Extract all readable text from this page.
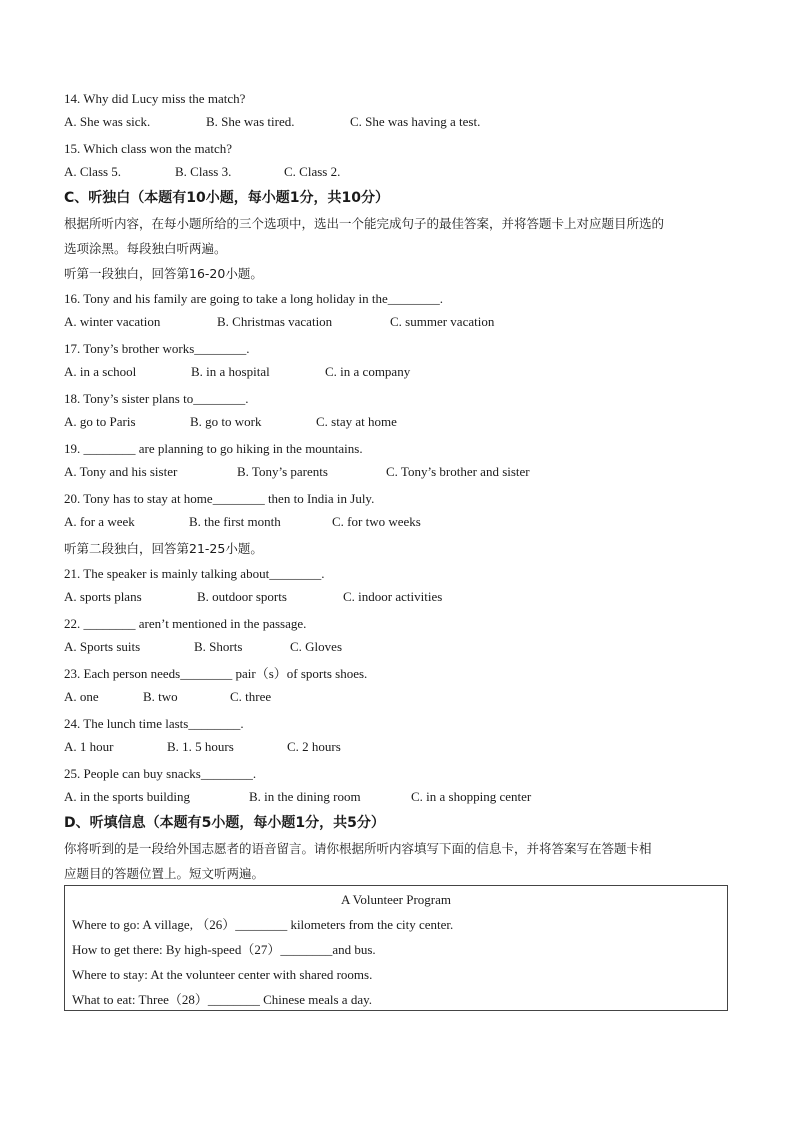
14. Why did Lucy miss the match?
A. She was sick.	B. She was tired.	C. She was having a test.
15. Which class won the match?
A. Class 5.	B. Class 3.	C. Class 2.
C、听独白（本题有10小题，每小题1分，共10分）
根据所听内容，在每小题所给的三个选项中，选出一个能完成句子的最佳答案，并将答题卡上对应题目所选的
选项涂黑。每段独白听两遍。
听第一段独白，回答第16-20小题。
16. Tony and his family are going to take a long holiday in the________.
A. winter vacation	B. Christmas vacation	C. summer vacation
17. Tony’s brother works________.
A. in a school	B. in a hospital	C. in a company
18. Tony’s sister plans to________.
A. go to Paris	B. go to work	C. stay at home
19. ________ are planning to go hiking in the mountains.
A. Tony and his sister	B. Tony’s parents	C. Tony’s brother and sister
20. Tony has to stay at home________ then to India in July.
A. for a week	B. the first month	C. for two weeks
听第二段独白，回答第21-25小题。
21. The speaker is mainly talking about________.
A. sports plans	B. outdoor sports	C. indoor activities
22. ________ aren’t mentioned in the passage.
A. Sports suits	B. Shorts	C. Gloves
23. Each person needs________ pair（s）of sports shoes.
A. one	B. two	C. three
24. The lunch time lasts________.
A. 1 hour	B. 1. 5 hours	C. 2 hours
25. People can buy snacks________.
A. in the sports building	B. in the dining room	C. in a shopping center
D、听填信息（本题有5小题，每小题1分，共5分）
你将听到的是一段给外国志愿者的语音留言。请你根据所听内容填写下面的信息卡，并将答案写在答题卡相
应题目的答题位置上。短文听两遍。
A Volunteer Program
Where to go: A village, （26）________ kilometers from the city center.
How to get there: By high-speed（27）________and bus.
Where to stay: At the volunteer center with shared rooms.
What to eat: Three（28）________ Chinese meals a day.
